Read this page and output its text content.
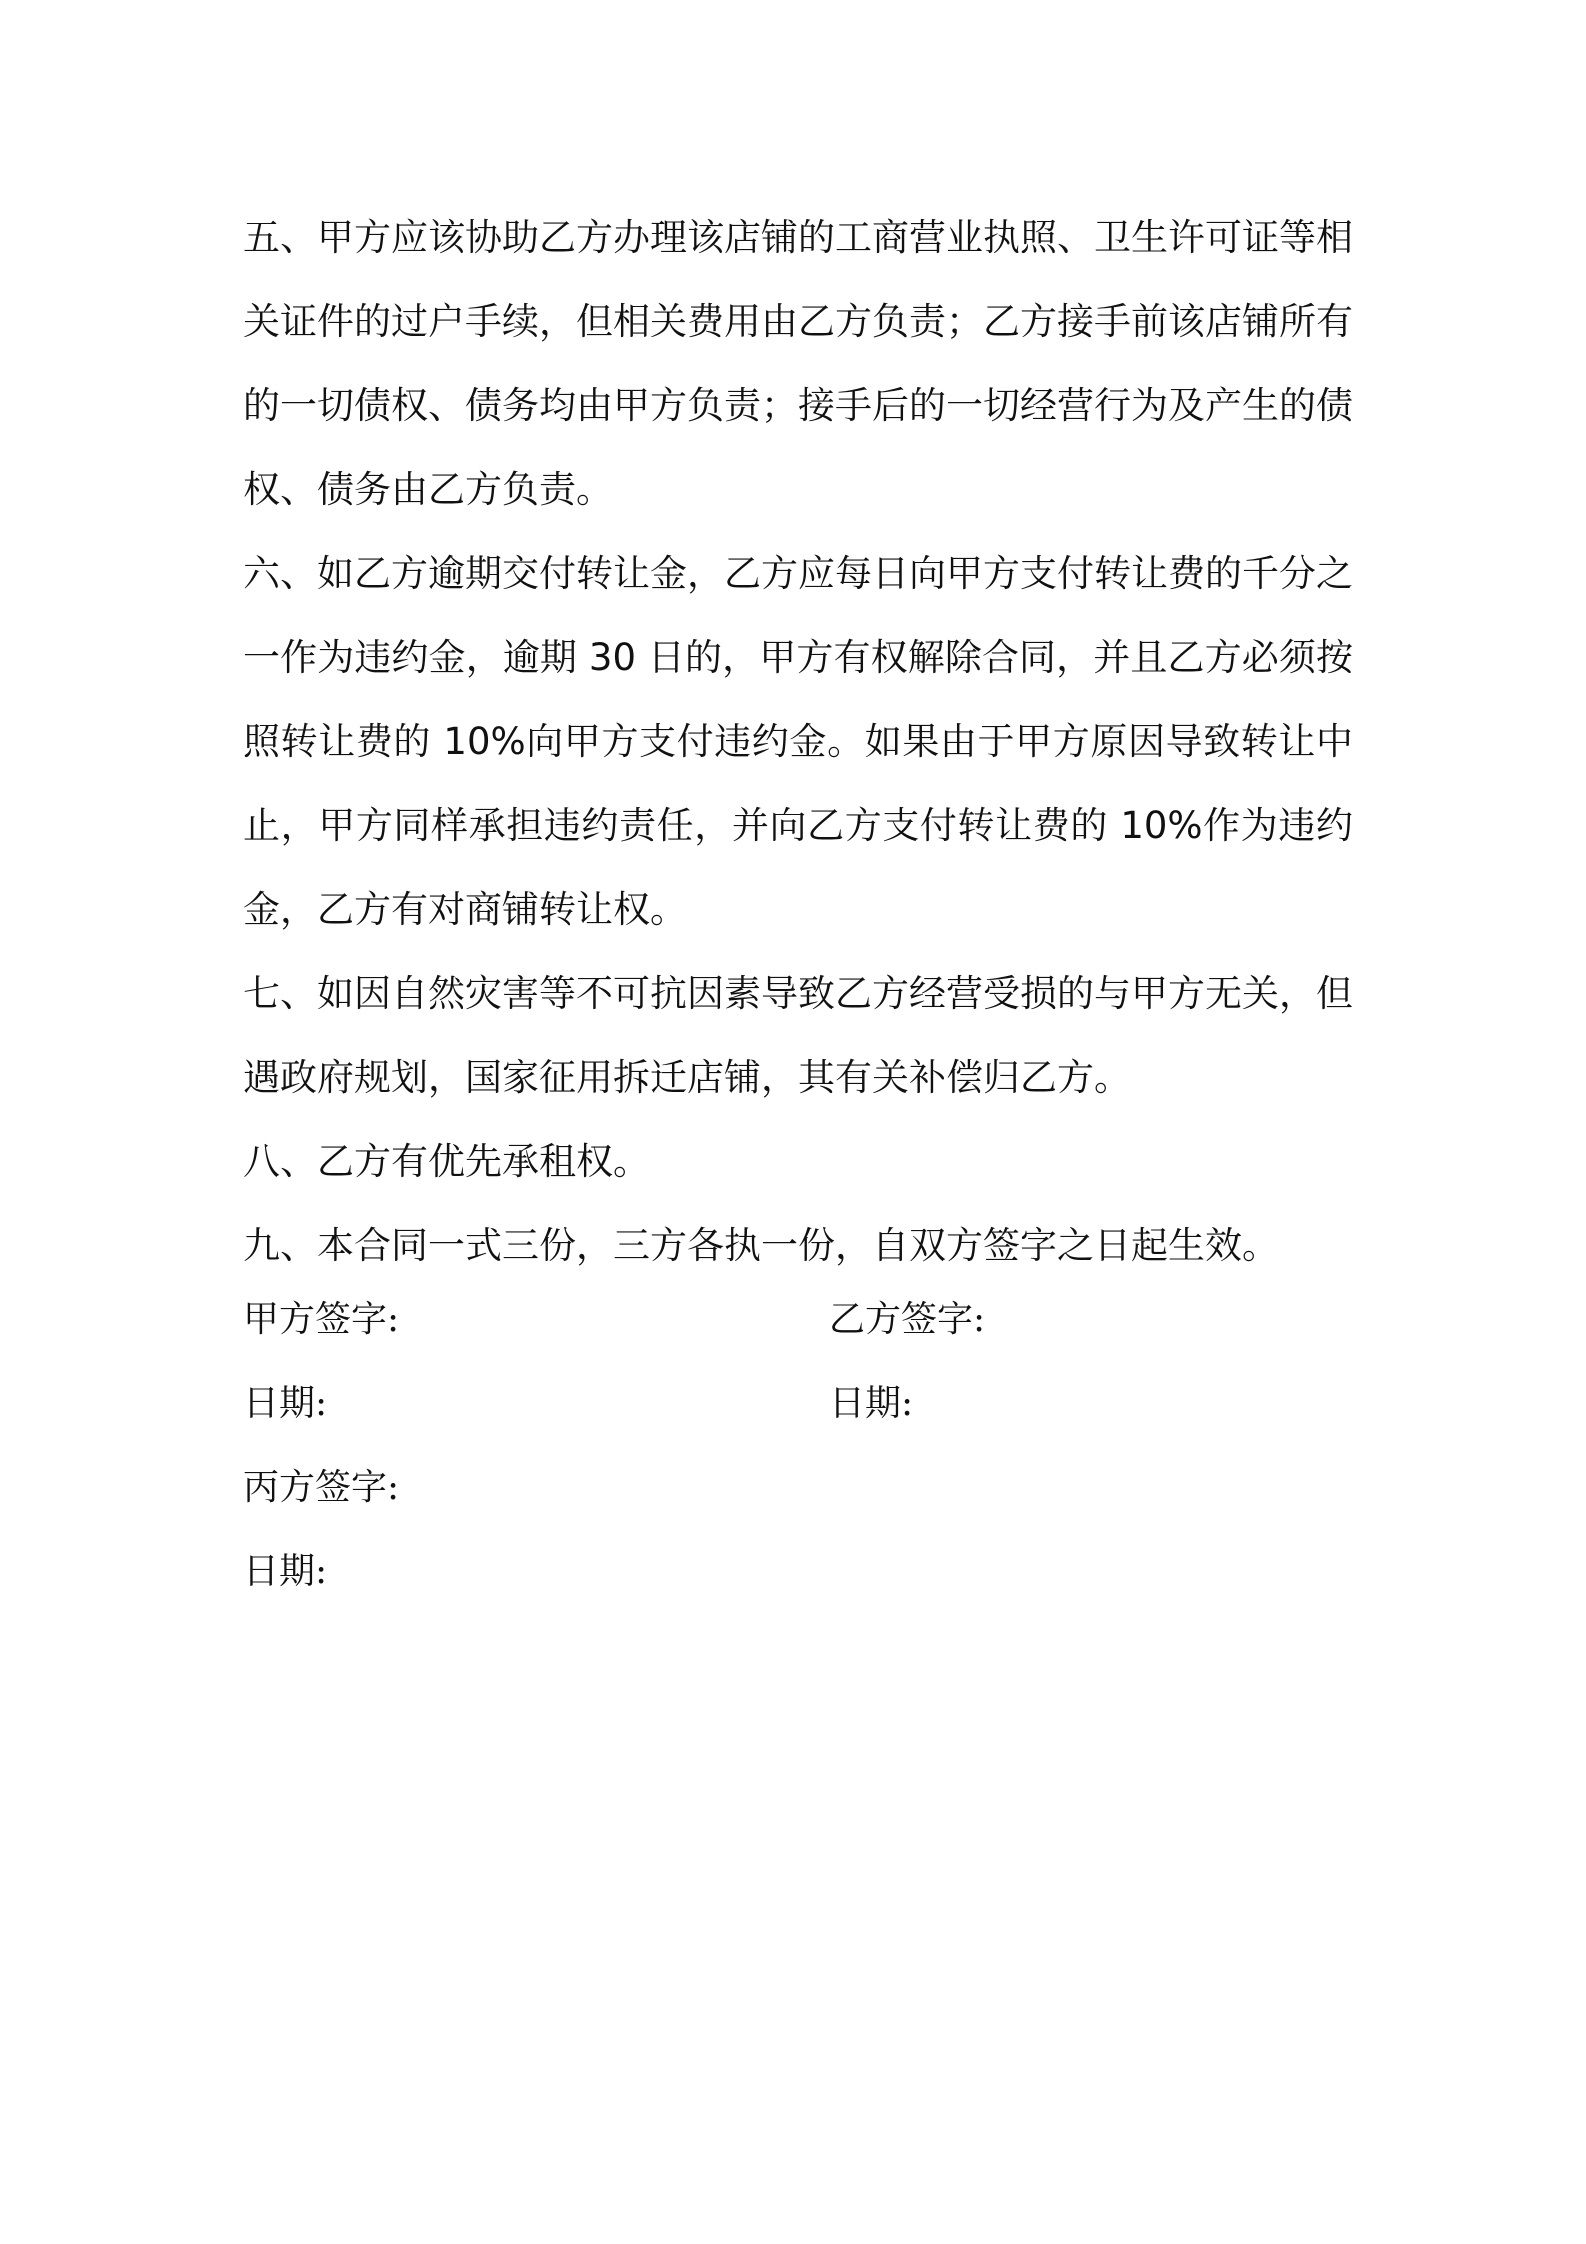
五、甲方应该协助乙方办理该店铺的工商营业执照、卫生许可证等相关证件的过户手续，但相关费用由乙方负责；乙方接手前该店铺所有的一切债权、债务均由甲方负责；接手后的一切经营行为及产生的债权、债务由乙方负责。

六、如乙方逾期交付转让金，乙方应每日向甲方支付转让费的千分之一作为违约金，逾期 30 日的，甲方有权解除合同，并且乙方必须按照转让费的 10%向甲方支付违约金。如果由于甲方原因导致转让中止，甲方同样承担违约责任，并向乙方支付转让费的 10%作为违约金，乙方有对商铺转让权。

七、如因自然灾害等不可抗因素导致乙方经营受损的与甲方无关，但遇政府规划，国家征用拆迁店铺，其有关补偿归乙方。

八、乙方有优先承租权。

九、本合同一式三份，三方各执一份，自双方签字之日起生效。

甲方签字:	乙方签字:
日期:	日期:
丙方签字:
日期:
